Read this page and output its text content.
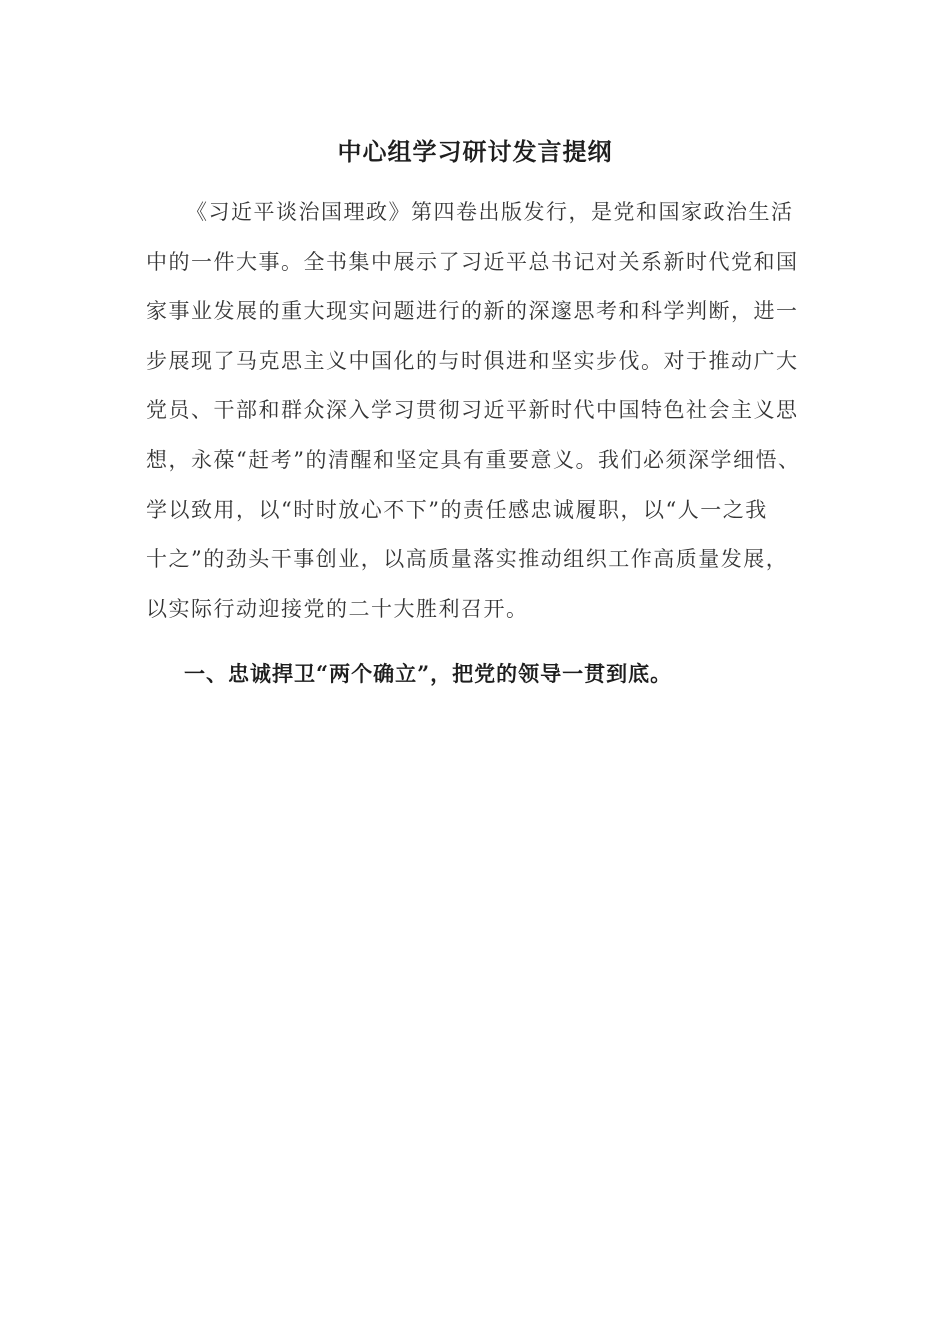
中心组学习研讨发言提纲
《习近平谈治国理政》第四卷出版发行，是党和国家政治生活
中的一件大事。全书集中展示了习近平总书记对关系新时代党和国
家事业发展的重大现实问题进行的新的深邃思考和科学判断，进一
步展现了马克思主义中国化的与时俱进和坚实步伐。对于推动广大
党员、干部和群众深入学习贯彻习近平新时代中国特色社会主义思
想，永葆“赶考”的清醒和坚定具有重要意义。我们必须深学细悟、
学以致用，以“时时放心不下”的责任感忠诚履职，以“人一之我
十之”的劲头干事创业，以高质量落实推动组织工作高质量发展，
以实际行动迎接党的二十大胜利召开。
一、忠诚捍卫“两个确立”，把党的领导一贯到底。
